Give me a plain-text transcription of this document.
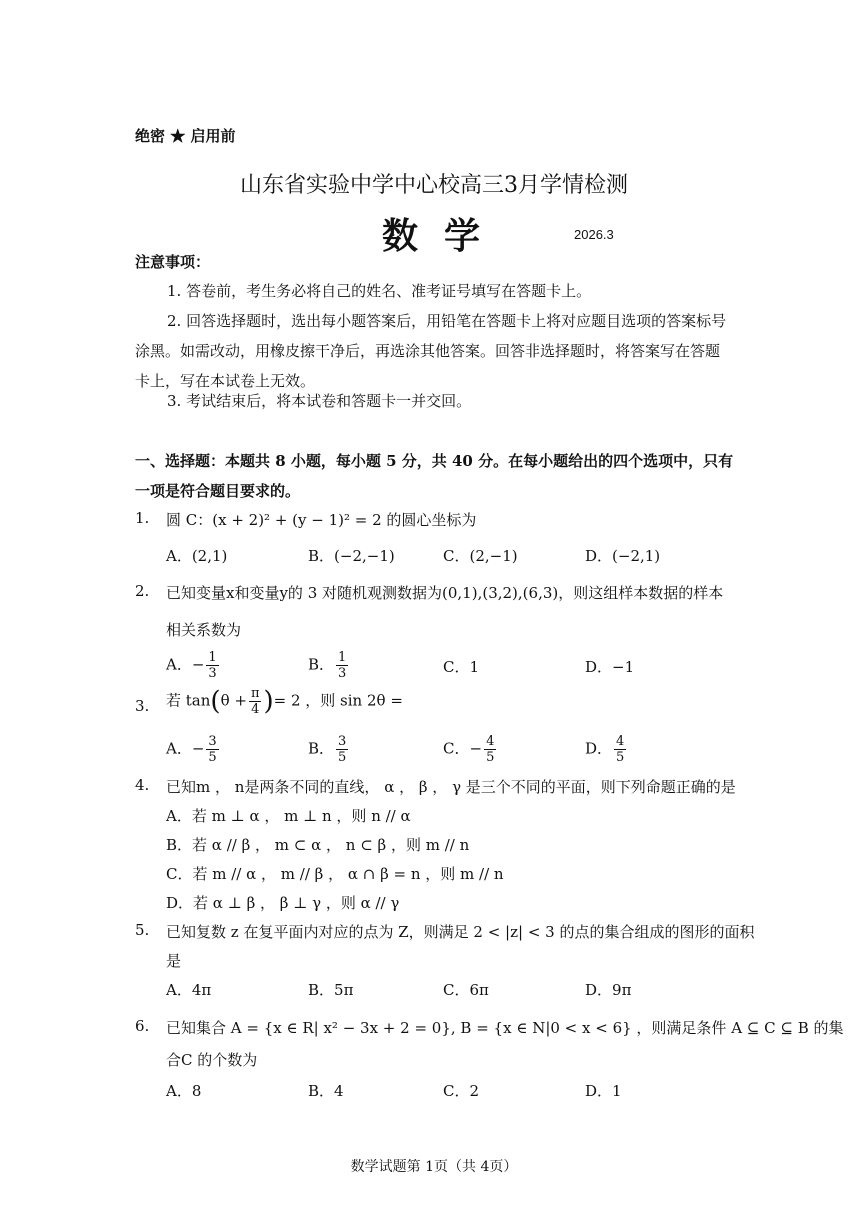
绝密 ★ 启用前
山东省实验中学中心校高三3月学情检测
数学	2026.3
注意事项：
1. 答卷前，考生务必将自己的姓名、准考证号填写在答题卡上。
2. 回答选择题时，选出每小题答案后，用铅笔在答题卡上将对应题目选项的答案标号涂黑。如需改动，用橡皮擦干净后，再选涂其他答案。回答非选择题时，将答案写在答题卡上，写在本试卷上无效。
3. 考试结束后，将本试卷和答题卡一并交回。
一、选择题：本题共 8 小题，每小题 5 分，共 40 分。在每小题给出的四个选项中，只有一项是符合题目要求的。
1. 圆 C：(x + 2)² + (y − 1)² = 2 的圆心坐标为
A．(2,1)	B．(−2,−1)	C．(2,−1)	D．(−2,1)
2. 已知变量x和变量y的 3 对随机观测数据为(0,1),(3,2),(6,3)，则这组样本数据的样本
相关系数为
A．− $\frac{1}{3}$	B． $\frac{1}{3}$	C．1	D．−1
3. 若 $\tan(\theta + \frac{\pi}{4}$ )= 2 ，则 sin 2θ =
A．− $\frac{3}{5}$	B． $\frac{3}{5}$	C．− $\frac{4}{5}$	D． $\frac{4}{5}$
4. 已知m ， n是两条不同的直线， α ， β ， γ 是三个不同的平面，则下列命题正确的是
A．若 m ⊥ α ， m ⊥ n ，则 n // α
B．若 α // β ， m ⊂ α ， n ⊂ β ，则 m // n
C．若 m // α ， m // β ， α ∩ β = n ，则 m // n
D．若 α ⊥ β ， β ⊥ γ ，则 α // γ
5. 已知复数 z 在复平面内对应的点为 Z，则满足 2 < |z| < 3 的点的集合组成的图形的面积
是
A．4π	B．5π	C．6π	D．9π
6. 已知集合 A = {x ∈ R| x² − 3x + 2 = 0}, B = {x ∈ N|0 < x < 6} ，则满足条件 A ⊆ C ⊆ B 的集
合C 的个数为
A．8	B．4	C．2	D．1
数学试题第 1页（共 4页）
